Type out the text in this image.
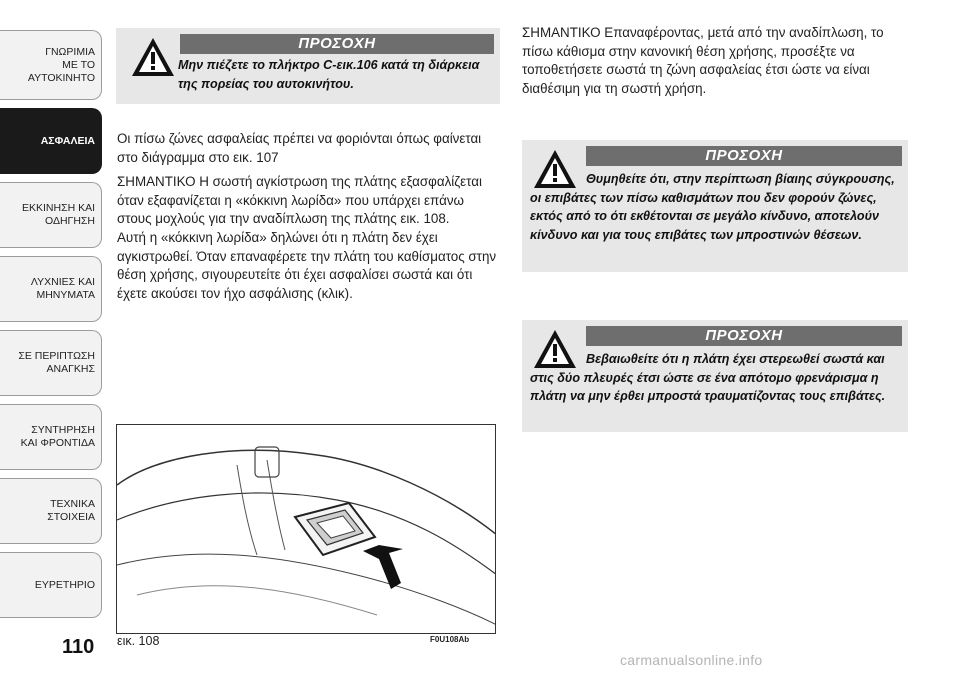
ΓΝΩΡΙΜΙΑ
ΜΕ ΤΟ
ΑΥΤΟΚΙΝΗΤΟ
ΑΣΦΑΛΕΙΑ
ΕΚΚΙΝΗΣΗ ΚΑΙ
ΟΔΗΓΗΣΗ
ΛΥΧΝΙΕΣ ΚΑΙ
ΜΗΝΥΜΑΤΑ
ΣΕ ΠΕΡΙΠΤΩΣΗ
ΑΝΑΓΚΗΣ
ΣΥΝΤΗΡΗΣΗ
ΚΑΙ ΦΡΟΝΤΙΔΑ
ΤΕΧΝΙΚΑ
ΣΤΟΙΧΕΙΑ
ΕΥΡΕΤΗΡΙΟ
110
ΠΡΟΣΟΧΗ
Μην πιέζετε το πλήκτρο C-εικ.106 κατά τη διάρκεια της πορείας του αυτοκινήτου.

Οι πίσω ζώνες ασφαλείας πρέπει να φοριόνται όπως φαίνεται στο διάγραμμα στο εικ. 107

ΣΗΜΑΝΤΙΚΟ Η σωστή αγκίστρωση της πλάτης εξασφαλίζεται όταν εξαφανίζεται η «κόκκινη λωρίδα» που υπάρχει επάνω στους μοχλούς για την αναδίπλωση της πλάτης εικ. 108.

Αυτή η «κόκκινη λωρίδα» δηλώνει ότι η πλάτη δεν έχει αγκιστρωθεί. Όταν επαναφέρετε την πλάτη του καθίσματος στην θέση χρήσης, σιγουρευτείτε ότι έχει ασφαλίσει σωστά και ότι έχετε ακούσει τον ήχο ασφάλισης (κλικ).

εικ. 108	F0U108Ab

ΣΗΜΑΝΤΙΚΟ Επαναφέροντας, μετά από την αναδίπλωση, το πίσω κάθισμα στην κανονική θέση χρήσης, προσέξτε να τοποθετήσετε σωστά τη ζώνη ασφαλείας έτσι ώστε να είναι διαθέσιμη για τη σωστή χρήση.

ΠΡΟΣΟΧΗ
Θυμηθείτε ότι, στην περίπτωση βίαιης σύγκρουσης, οι επιβάτες των πίσω καθισμάτων που δεν φορούν ζώνες, εκτός από το ότι εκθέτονται σε μεγάλο κίνδυνο, αποτελούν κίνδυνο και για τους επιβάτες των μπροστινών θέσεων.
ΠΡΟΣΟΧΗ
Βεβαιωθείτε ότι η πλάτη έχει στερεωθεί σωστά και στις δύο πλευρές έτσι ώστε σε ένα απότομο φρενάρισμα η πλάτη να μην έρθει μπροστά τραυματίζοντας τους επιβάτες.
carmanualsonline.info
